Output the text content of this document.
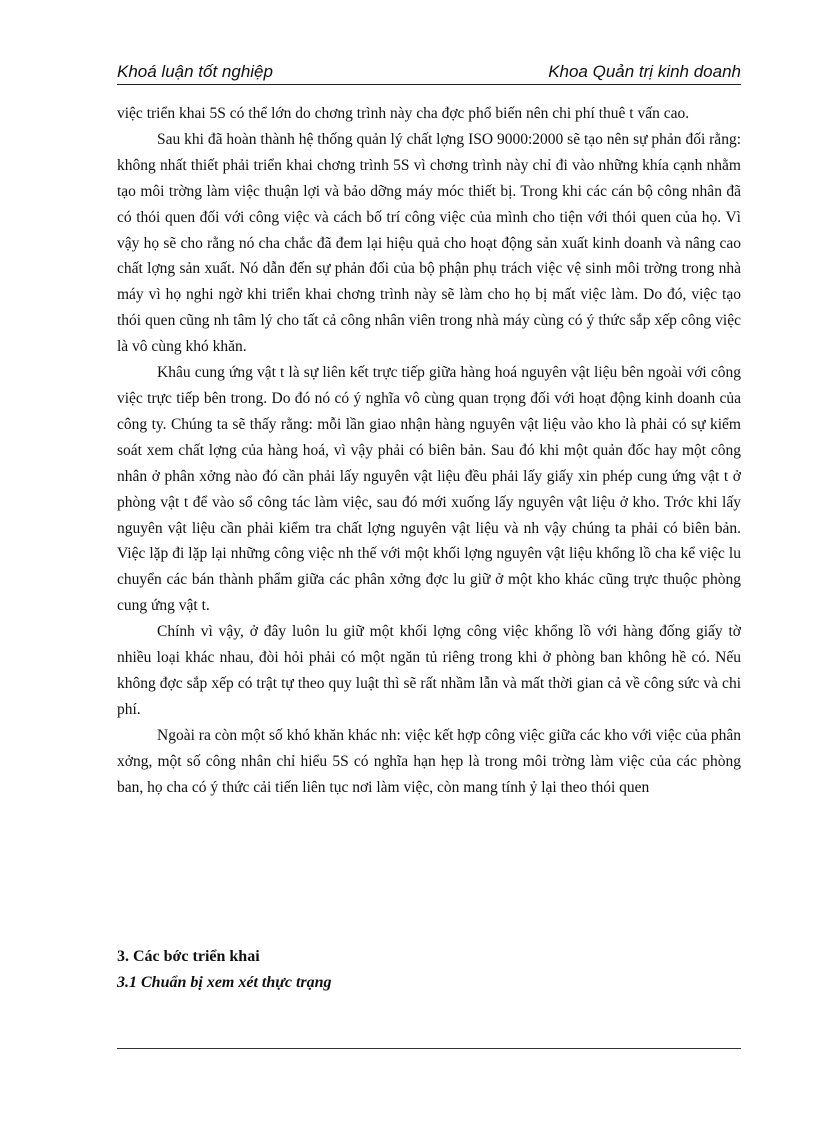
Khoá luận tốt nghiệp	Khoa Quản trị kinh doanh

việc triển khai 5S có thể lớn do chơng trình này cha đợc phổ biến nên chi phí thuê t vấn cao.

Sau khi đã hoàn thành hệ thống quản lý chất lợng ISO 9000:2000 sẽ tạo nên sự phản đối rằng: không nhất thiết phải triển khai chơng trình 5S vì chơng trình này chỉ đi vào những khía cạnh nhằm tạo môi trờng làm việc thuận lợi và bảo dỡng máy móc thiết bị. Trong khi các cán bộ công nhân đã có thói quen đối với công việc và cách bố trí công việc của mình cho tiện với thói quen của họ. Vì vậy họ sẽ cho rằng nó cha chắc đã đem lại hiệu quả cho hoạt động sản xuất kinh doanh và nâng cao chất lợng sản xuất. Nó dẫn đến sự phản đối của bộ phận phụ trách việc vệ sinh môi trờng trong nhà máy vì họ nghi ngờ khi triển khai chơng trình này sẽ làm cho họ bị mất việc làm. Do đó, việc tạo thói quen cũng nh tâm lý cho tất cả công nhân viên trong nhà máy cùng có ý thức sắp xếp công việc là vô cùng khó khăn.

Khâu cung ứng vật t là sự liên kết trực tiếp giữa hàng hoá nguyên vật liệu bên ngoài với công việc trực tiếp bên trong. Do đó nó có ý nghĩa vô cùng quan trọng đối với hoạt động kinh doanh của công ty. Chúng ta sẽ thấy rằng: mỗi lần giao nhận hàng nguyên vật liệu vào kho là phải có sự kiểm soát xem chất lợng của hàng hoá, vì vậy phải có biên bản. Sau đó khi một quản đốc hay một công nhân ở phân xởng nào đó cần phải lấy nguyên vật liệu đều phải lấy giấy xin phép cung ứng vật t ở phòng vật t để vào sổ công tác làm việc, sau đó mới xuống lấy nguyên vật liệu ở kho. Trớc khi lấy nguyên vật liệu cần phải kiểm tra chất lợng nguyên vật liệu và nh vậy chúng ta phải có biên bản. Việc lặp đi lặp lại những công việc nh thế với một khối lợng nguyên vật liệu khổng lồ cha kể việc lu chuyển các bán thành phẩm giữa các phân xởng đợc lu giữ ở một kho khác cũng trực thuộc phòng cung ứng vật t.

Chính vì vậy, ở đây luôn lu giữ một khối lợng công việc khổng lồ với hàng đống giấy tờ nhiều loại khác nhau, đòi hỏi phải có một ngăn tủ riêng trong khi ở phòng ban không hề có. Nếu không đợc sắp xếp có trật tự theo quy luật thì sẽ rất nhầm lẫn và mất thời gian cả về công sức và chi phí.

Ngoài ra còn một số khó khăn khác nh: việc kết hợp công việc giữa các kho với việc của phân xởng, một số công nhân chỉ hiểu 5S có nghĩa hạn hẹp là trong môi trờng làm việc của các phòng ban, họ cha có ý thức cải tiến liên tục nơi làm việc, còn mang tính ỷ lại theo thói quen

3. Các bớc triển khai
3.1 Chuẩn bị xem xét thực trạng
